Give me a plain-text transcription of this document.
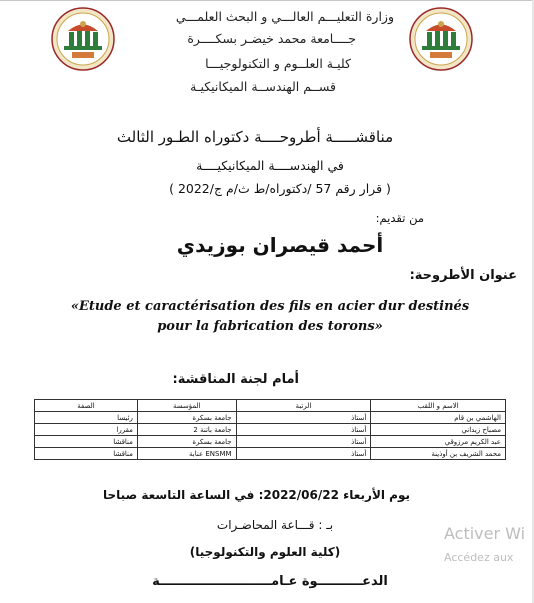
وزارة التعليـــم العالـــي و البحث العلمـــي
جــــامعة محمد خيضـر بسكــــرة
كليـة العلــوم و التكنولوجيـــا
قســم الهندســة الميكانيكيـة
مناقشـــــة أطروحــــة دكتوراه الطـور الثالث
في الهندســــة الميكانيكيــــة
( قرار رقم 57 /دكتوراه/ط ث/م ج/2022 )
من تقديم:
أحمد قيصران بوزيدي
عنوان الأطروحة:
«Etude et caractérisation des fils en acier dur destinés pour la fabrication des torons»
أمام لجنة المناقشة:
الاسم و اللقب	الرتبة	المؤسسة	الصفة
الهاشمي بن قام	أستاذ	جامعة بسكرة	رئيسا
مصباح زيداني	أستاذ	جامعة باتنة 2	مقررا
عبد الكريم مرزوقي	أستاذ	جامعة بسكرة	مناقشا
محمد الشريف بن أوذينة	أستاذ	ENSMM عنابة	مناقشا
يوم الأربعاء 2022/06/22: في الساعة التاسعة صباحا
بـ : قـــاعة المحاضـرات
(كلية العلوم والتكنولوجيا)
الدعــــــــــوة عـامـــــــــــــــــــــــــة
Activer Wi
Accédez aux
